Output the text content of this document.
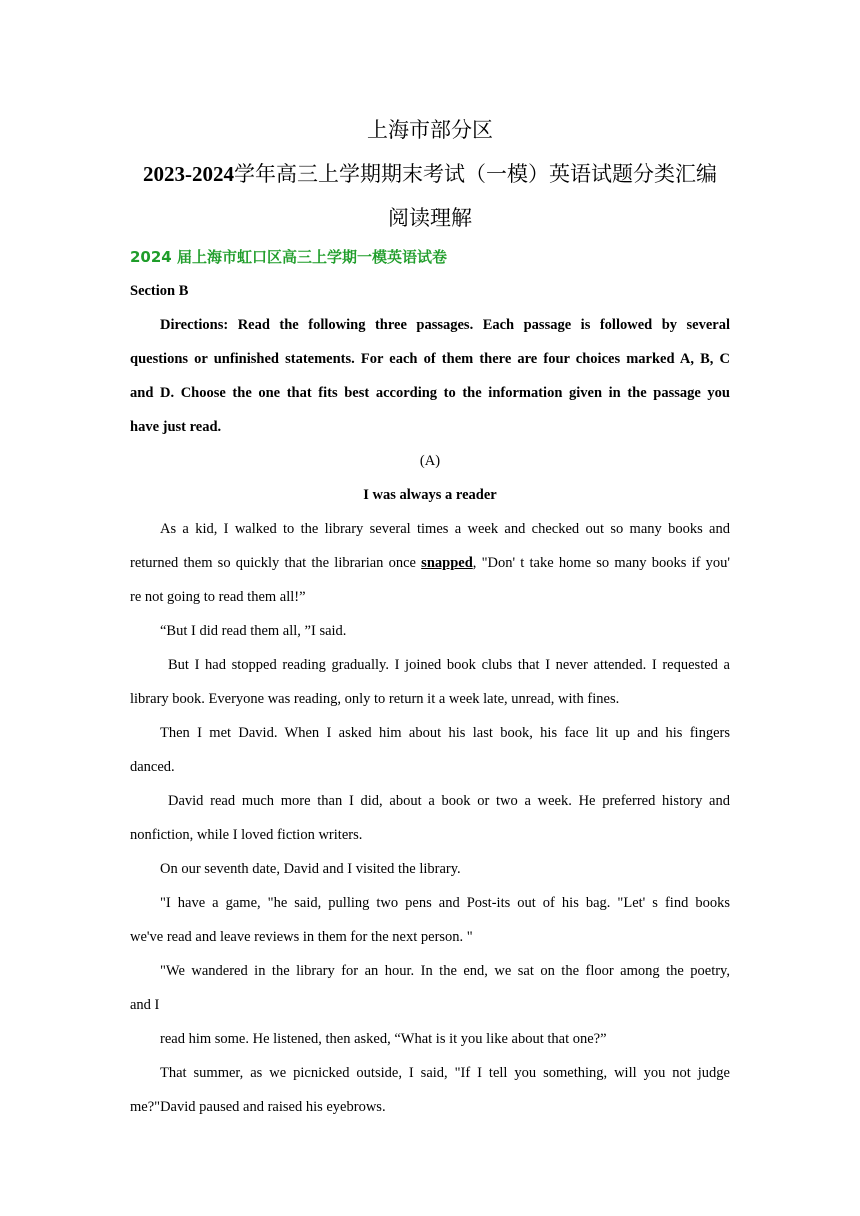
上海市部分区
2023-2024学年高三上学期期末考试（一模）英语试题分类汇编
阅读理解
2024 届上海市虹口区高三上学期一模英语试卷
Section B
Directions: Read the following three passages. Each passage is followed by several
questions or unfinished statements. For each of them there are four choices marked A, B, C
and D. Choose the one that fits best according to the information given in the passage you
have just read.
(A)
I was always a reader
As a kid, I walked to the library several times a week and checked out so many books and
returned them so quickly that the librarian once snapped, "Don' t take home so many books if you'
re not going to read them all!”
“But I did read them all, ”I said.
But I had stopped reading gradually. I joined book clubs that I never attended. I requested a
library book. Everyone was reading, only to return it a week late, unread, with fines.
Then I met David. When I asked him about his last book, his face lit up and his fingers
danced.
David read much more than I did, about a book or two a week. He preferred history and
nonfiction, while I loved fiction writers.
On our seventh date, David and I visited the library.
"I have a game, "he said, pulling two pens and Post-its out of his bag. "Let' s find books
we've read and leave reviews in them for the next person. "
"We wandered in the library for an hour. In the end, we sat on the floor among the poetry,
and I
read him some. He listened, then asked, “What is it you like about that one?”
That summer, as we picnicked outside, I said, "If I tell you something, will you not judge
me?"David paused and raised his eyebrows.
